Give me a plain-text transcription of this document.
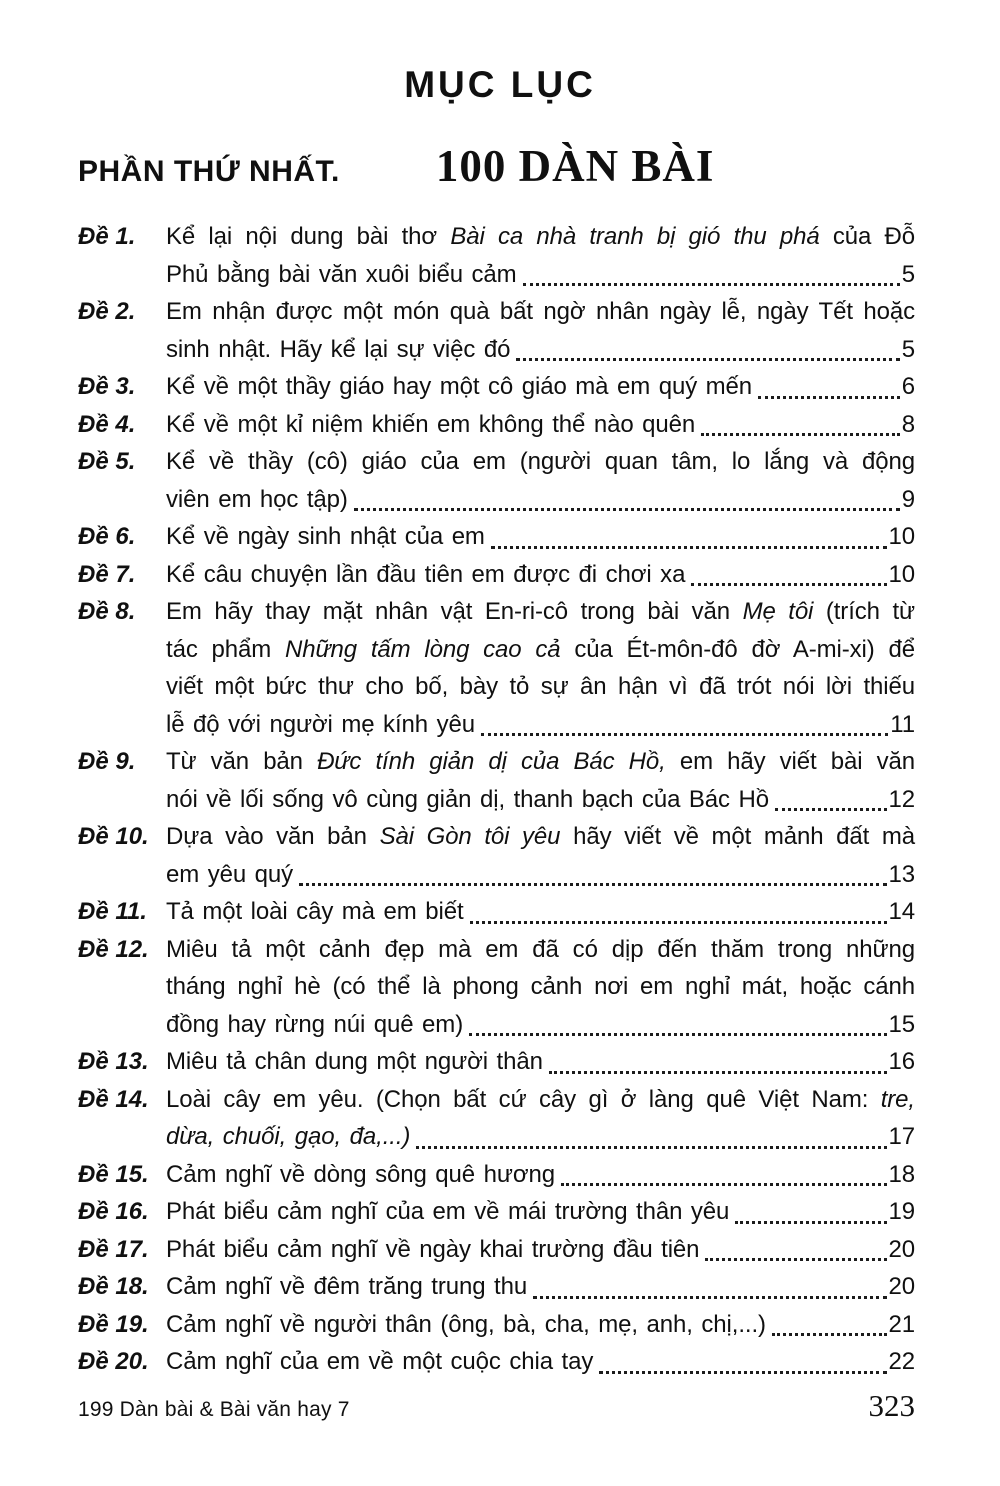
MỤC LỤC
PHẦN THỨ NHẤT. 100 DÀN BÀI
Đề 1.	Kể lại nội dung bài thơ Bài ca nhà tranh bị gió thu phá của Đỗ
Phủ bằng bài văn xuôi biểu cảm	5
Đề 2.	Em nhận được một món quà bất ngờ nhân ngày lễ, ngày Tết hoặc
sinh nhật. Hãy kể lại sự việc đó	5
Đề 3.	Kể về một thầy giáo hay một cô giáo mà em quý mến	6
Đề 4.	Kể về một kỉ niệm khiến em không thể nào quên	8
Đề 5.	Kể về thầy (cô) giáo của em (người quan tâm, lo lắng và động
viên em học tập)	9
Đề 6.	Kể về ngày sinh nhật của em	10
Đề 7.	Kể câu chuyện lần đầu tiên em được đi chơi xa	10
Đề 8.	Em hãy thay mặt nhân vật En-ri-cô trong bài văn Mẹ tôi (trích từ
tác phẩm Những tấm lòng cao cả của Ét-môn-đô đờ A-mi-xi) để
viết một bức thư cho bố, bày tỏ sự ân hận vì đã trót nói lời thiếu
lễ độ với người mẹ kính yêu	11
Đề 9.	Từ văn bản Đức tính giản dị của Bác Hồ, em hãy viết bài văn
nói về lối sống vô cùng giản dị, thanh bạch của Bác Hồ	12
Đề 10. Dựa vào văn bản Sài Gòn tôi yêu hãy viết về một mảnh đất mà
em yêu quý	13
Đề 11. Tả một loài cây mà em biết	14
Đề 12. Miêu tả một cảnh đẹp mà em đã có dịp đến thăm trong những
tháng nghỉ hè (có thể là phong cảnh nơi em nghỉ mát, hoặc cánh
đồng hay rừng núi quê em)	15
Đề 13. Miêu tả chân dung một người thân	16
Đề 14. Loài cây em yêu. (Chọn bất cứ cây gì ở làng quê Việt Nam: tre,
dừa, chuối, gạo, đa,...)	17
Đề 15. Cảm nghĩ về dòng sông quê hương	18
Đề 16. Phát biểu cảm nghĩ của em về mái trường thân yêu	19
Đề 17. Phát biểu cảm nghĩ về ngày khai trường đầu tiên	20
Đề 18. Cảm nghĩ về đêm trăng trung thu	20
Đề 19. Cảm nghĩ về người thân (ông, bà, cha, mẹ, anh, chị,...)	21
Đề 20. Cảm nghĩ của em về một cuộc chia tay	22
199 Dàn bài & Bài văn hay 7	323
